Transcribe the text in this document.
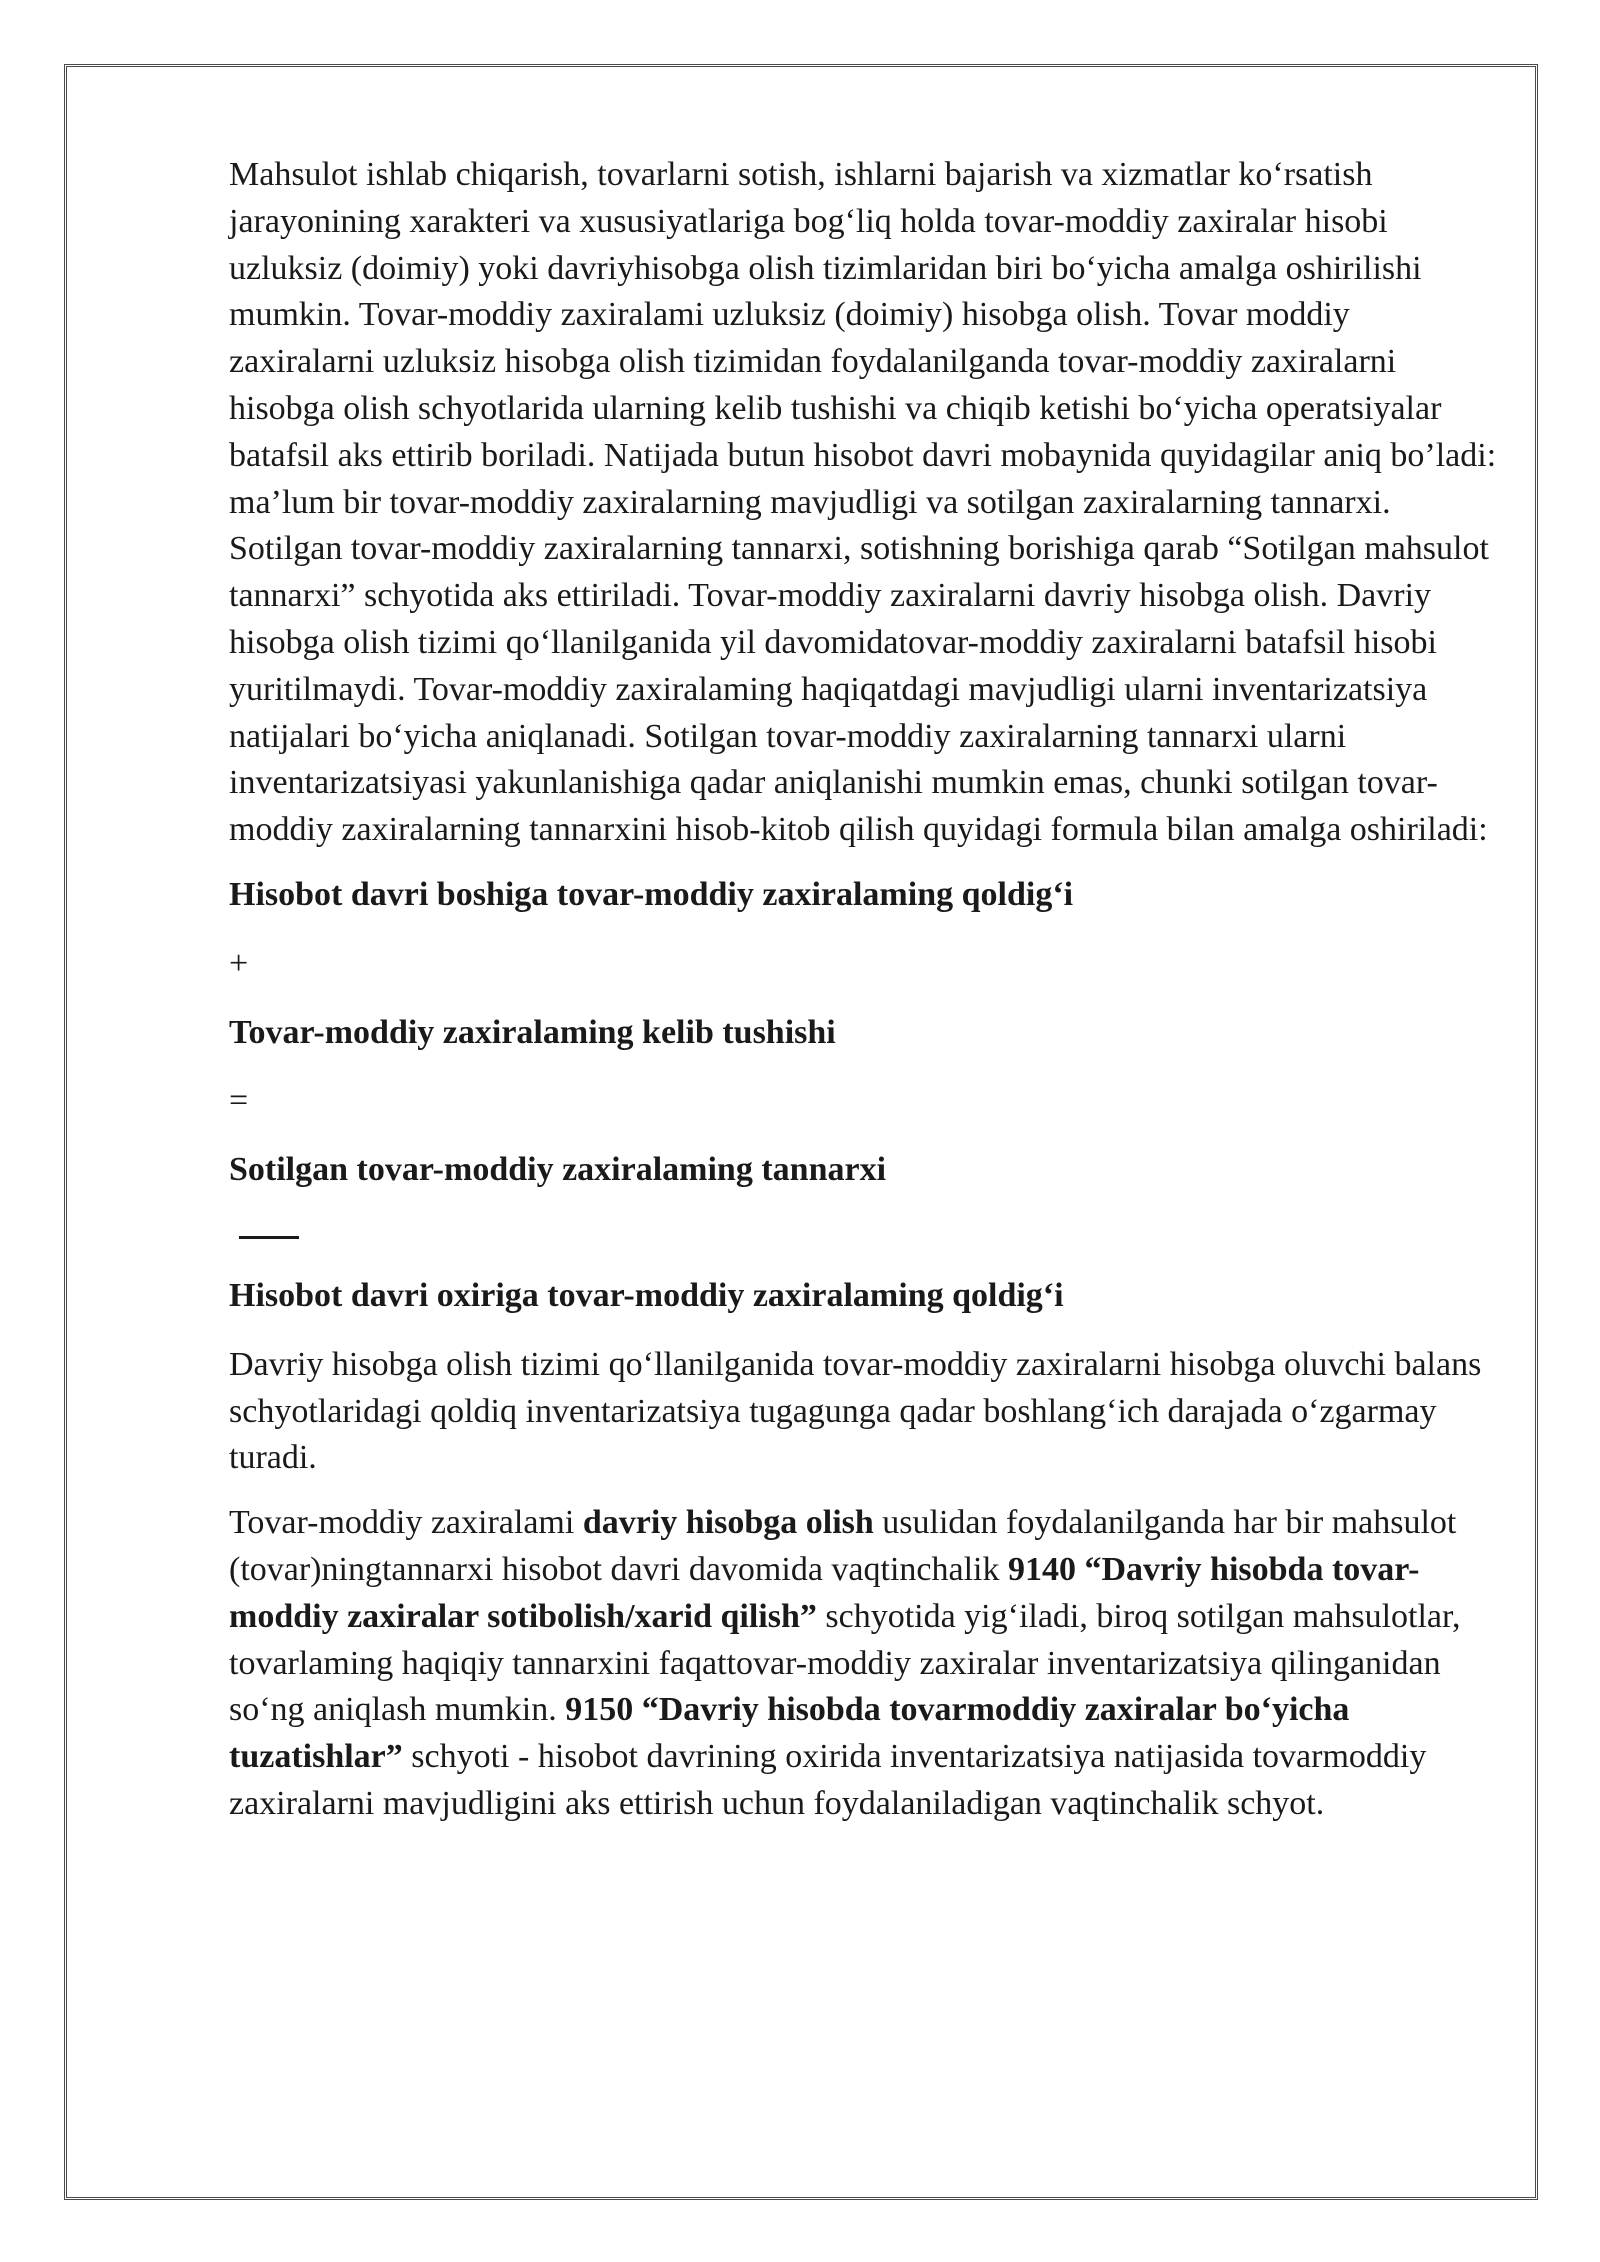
Mahsulot ishlab chiqarish, tovarlarni sotish, ishlarni bajarish va xizmatlar ko‘rsatish jarayonining xarakteri va xususiyatlariga bog‘liq holda tovar-moddiy zaxiralar hisobi uzluksiz (doimiy) yoki davriyhisobga olish tizimlaridan biri bo‘yicha amalga oshirilishi mumkin. Tovar-moddiy zaxiralami uzluksiz (doimiy) hisobga olish. Tovar moddiy zaxiralarni uzluksiz hisobga olish tizimidan foydalanilganda tovar-moddiy zaxiralarni hisobga olish schyotlarida ularning kelib tushishi va chiqib ketishi bo‘yicha operatsiyalar batafsil aks ettirib boriladi. Natijada butun hisobot davri mobaynida quyidagilar aniq bo’ladi: ma’lum bir tovar-moddiy zaxiralarning mavjudligi va sotilgan zaxiralarning tannarxi. Sotilgan tovar-moddiy zaxiralarning tannarxi, sotishning borishiga qarab “Sotilgan mahsulot tannarxi” schyotida aks ettiriladi. Tovar-moddiy zaxiralarni davriy hisobga olish. Davriy hisobga olish tizimi qo‘llanilganida yil davomidatovar-moddiy zaxiralarni batafsil hisobi yuritilmaydi. Tovar-moddiy zaxiralaming haqiqatdagi mavjudligi ularni inventarizatsiya natijalari bo‘yicha aniqlanadi. Sotilgan tovar-moddiy zaxiralarning tannarxi ularni inventarizatsiyasi yakunlanishiga qadar aniqlanishi mumkin emas, chunki sotilgan tovar- moddiy zaxiralarning tannarxini hisob-kitob qilish quyidagi formula bilan amalga oshiriladi:

Hisobot davri boshiga tovar-moddiy zaxiralaming qoldig‘i

+

Tovar-moddiy zaxiralaming kelib tushishi

=

Sotilgan tovar-moddiy zaxiralaming tannarxi

Hisobot davri oxiriga tovar-moddiy zaxiralaming qoldig‘i

Davriy hisobga olish tizimi qo‘llanilganida tovar-moddiy zaxiralarni hisobga oluvchi balans schyotlaridagi qoldiq inventarizatsiya tugagunga qadar boshlang‘ich darajada o‘zgarmay turadi.

Tovar-moddiy zaxiralami davriy hisobga olish usulidan foydalanilganda har bir mahsulot (tovar)ningtannarxi hisobot davri davomida vaqtinchalik 9140 “Davriy hisobda tovar-moddiy zaxiralar sotibolish/xarid qilish” schyotida yig‘iladi, biroq sotilgan mahsulotlar, tovarlaming haqiqiy tannarxini faqattovar-moddiy zaxiralar inventarizatsiya qilinganidan so‘ng aniqlash mumkin. 9150 “Davriy hisobda tovarmoddiy zaxiralar bo‘yicha tuzatishlar” schyoti - hisobot davrining oxirida inventarizatsiya natijasida tovarmoddiy zaxiralarni mavjudligini aks ettirish uchun foydalaniladigan vaqtinchalik schyot.
